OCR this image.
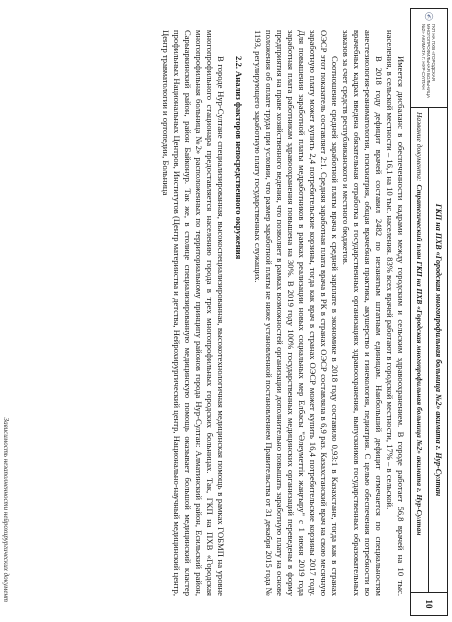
ГКП НА ПХВ «ГОРОДСКАЯ МНОГОПРОФИЛЬНАЯ БОЛЬНИЦА №2» АКИМАТА Г. НУР-СУЛТАН
ГКП на ПХВ «Городская многопрофильная больница №2» акимата г. Нур-Султан
Название документа:
Стратегический план ГКП на ПХВ «Городская многопрофильная больница №2» акимата г. Нур-Султан
10

Имеется дисбаланс в обеспеченности кадрами между городским и сельским здравоохранением. В городе работает 56,8 врачей на 10 тыс. населения, в сельской местности – 16,1 на 10 тыс. населения. 83% всех врачей работают в городской местности, 17% – в сельской.

В 2018 году дефицит врачей составил 2482 по незанятым штатным единицам. Наибольший дефицит отмечается по специальностям анестезиология-реаниматология, психиатрия, общая врачебная практика, акушерство и гинекология, педиатрия. С целью обеспечения потребности во врачебных кадрах введена обязательная отработка в государственных организациях здравоохранения, выпускников государственных образовательных заказов за счет средств республиканского и местного бюджетов.

Соотношение средней заработной платы врача к средней зарплате в экономике в 2018 году составило 0,93:1 в Казахстане, тогда как в странах ОЭСР этот показатель составляет 2:1. Средняя заработная плата врача в РК в странах ОЭСР составляла в 6,9 раз. Казахстанский врач на свою месячную заработную плату может купить 2,4 потребительские корзины, тогда как врач в странах ОЭСР может купить 16,4 потребительские корзины 2017 году. Для повышения заработной платы медработников в рамках реализации новых социальных мер Елбасы "Әлеуметтік жаңғыру" с 1 июня 2019 года заработная плата работникам здравоохранения повышена на 30%. В 2019 году 100% государственных медицинских организаций переведены в форму предприятия на праве хозяйственного ведения, что позволяет в рамках возможностей организации дополнительно повышать заработную плату на основе положения об оплате труда при условии, что размер заработной платы не ниже установленной постановлением Правительства от 31 декабря 2015 года № 1193, регулирующего заработную плату государственных служащих.

2.2. Анализ факторов непосредственного окружения

В городе Нур-Султане специализированная, высокоспециализированная, высокотехнологичная медицинская помощь в рамках ГОБМП на уровне многопрофильного стационара предоставляется населению города в трех многопрофильных городских больницах. Так, ГКП на ПХВ «Городская многопрофильная больница №2» расположенных по территориальному принципу районов города Нур-Султан: Алматинский район, Есильский район, Сарыаркинский район, район Байконур. Так же, в столице специализированную медицинскую помощь оказывает большой медицинский кластер профильных Национальных Центров, Институтов (Центр материнства и детства, Нейрохирургический центр, Национально-научный медицинский центр, Центр травматологии и ортопедии, Больница

Зависимость незаполненности нейрохирургических документ
